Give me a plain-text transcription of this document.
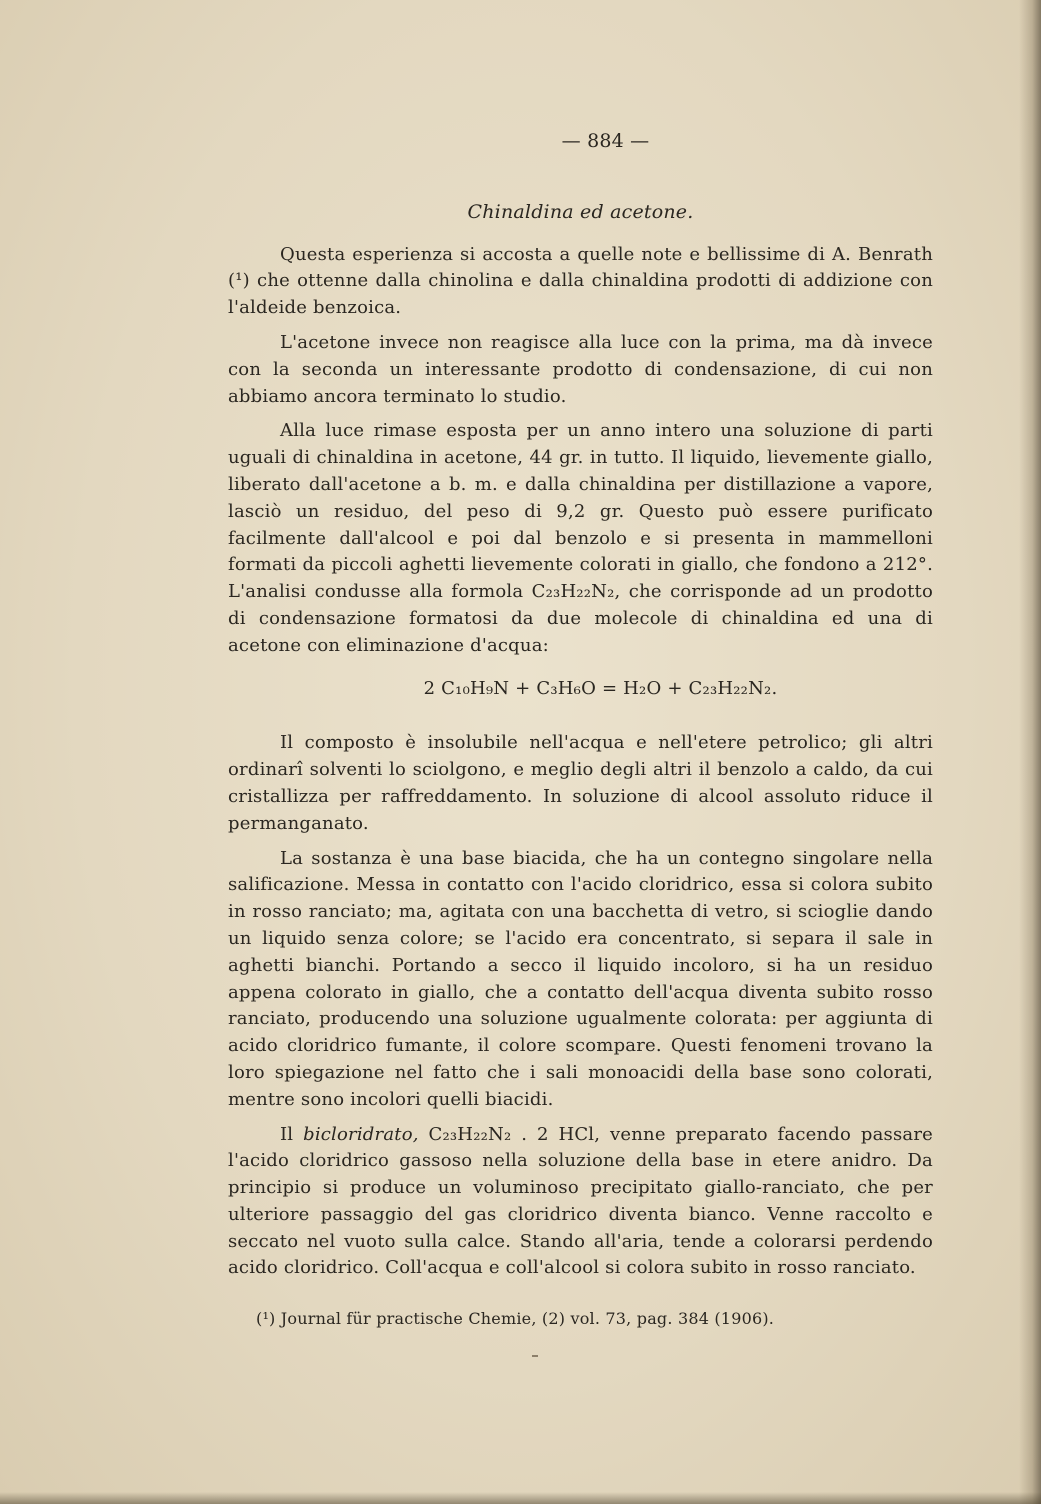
— 884 —
Chinaldina ed acetone.

Questa esperienza si accosta a quelle note e bellissime di A. Benrath (¹) che ottenne dalla chinolina e dalla chinaldina prodotti di addizione con l'aldeide benzoica.

L'acetone invece non reagisce alla luce con la prima, ma dà invece con la seconda un interessante prodotto di condensazione, di cui non abbiamo ancora terminato lo studio.

Alla luce rimase esposta per un anno intero una soluzione di parti uguali di chinaldina in acetone, 44 gr. in tutto. Il liquido, lievemente giallo, liberato dall'acetone a b. m. e dalla chinaldina per distillazione a vapore, lasciò un residuo, del peso di 9,2 gr. Questo può essere purificato facilmente dall'alcool e poi dal benzolo e si presenta in mammelloni formati da piccoli aghetti lievemente colorati in giallo, che fondono a 212°. L'analisi condusse alla formola C₂₃H₂₂N₂, che corrisponde ad un prodotto di condensazione formatosi da due molecole di chinaldina ed una di acetone con eliminazione d'acqua:

2 C₁₀H₉N + C₃H₆O = H₂O + C₂₃H₂₂N₂.

Il composto è insolubile nell'acqua e nell'etere petrolico; gli altri ordinarî solventi lo sciolgono, e meglio degli altri il benzolo a caldo, da cui cristallizza per raffreddamento. In soluzione di alcool assoluto riduce il permanganato.

La sostanza è una base biacida, che ha un contegno singolare nella salificazione. Messa in contatto con l'acido cloridrico, essa si colora subito in rosso ranciato; ma, agitata con una bacchetta di vetro, si scioglie dando un liquido senza colore; se l'acido era concentrato, si separa il sale in aghetti bianchi. Portando a secco il liquido incoloro, si ha un residuo appena colorato in giallo, che a contatto dell'acqua diventa subito rosso ranciato, producendo una soluzione ugualmente colorata: per aggiunta di acido cloridrico fumante, il colore scompare. Questi fenomeni trovano la loro spiegazione nel fatto che i sali monoacidi della base sono colorati, mentre sono incolori quelli biacidi.

Il bicloridrato, C₂₃H₂₂N₂ . 2 HCl, venne preparato facendo passare l'acido cloridrico gassoso nella soluzione della base in etere anidro. Da principio si produce un voluminoso precipitato giallo-ranciato, che per ulteriore passaggio del gas cloridrico diventa bianco. Venne raccolto e seccato nel vuoto sulla calce. Stando all'aria, tende a colorarsi perdendo acido cloridrico. Coll'acqua e coll'alcool si colora subito in rosso ranciato.

(¹) Journal für practische Chemie, (2) vol. 73, pag. 384 (1906).
